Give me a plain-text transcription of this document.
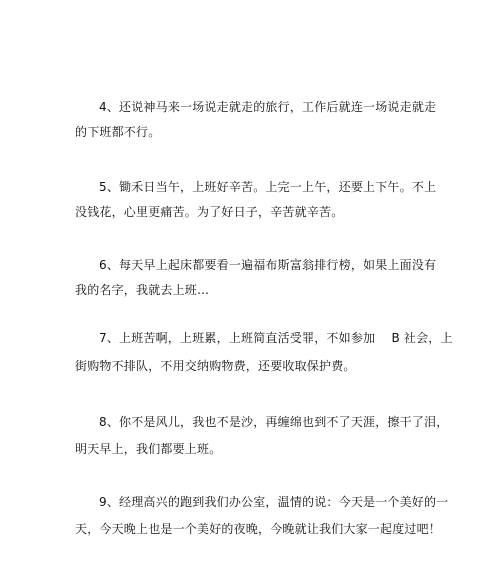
4、还说神马来一场说走就走的旅行，工作后就连一场说走就走
的下班都不行。
5、锄禾日当午，上班好辛苦。上完一上午，还要上下午。不上
没钱花，心里更痛苦。为了好日子，辛苦就辛苦。
6、每天早上起床都要看一遍福布斯富翁排行榜，如果上面没有
我的名字，我就去上班…
7、上班苦啊，上班累，上班简直活受罪，不如参加　 B 社会，上
街购物不排队，不用交纳购物费，还要收取保护费。
8、你不是风儿，我也不是沙，再缠绵也到不了天涯，擦干了泪，
明天早上，我们都要上班。
9、经理高兴的跑到我们办公室，温情的说：今天是一个美好的一
天，今天晚上也是一个美好的夜晚，今晚就让我们大家一起度过吧！
